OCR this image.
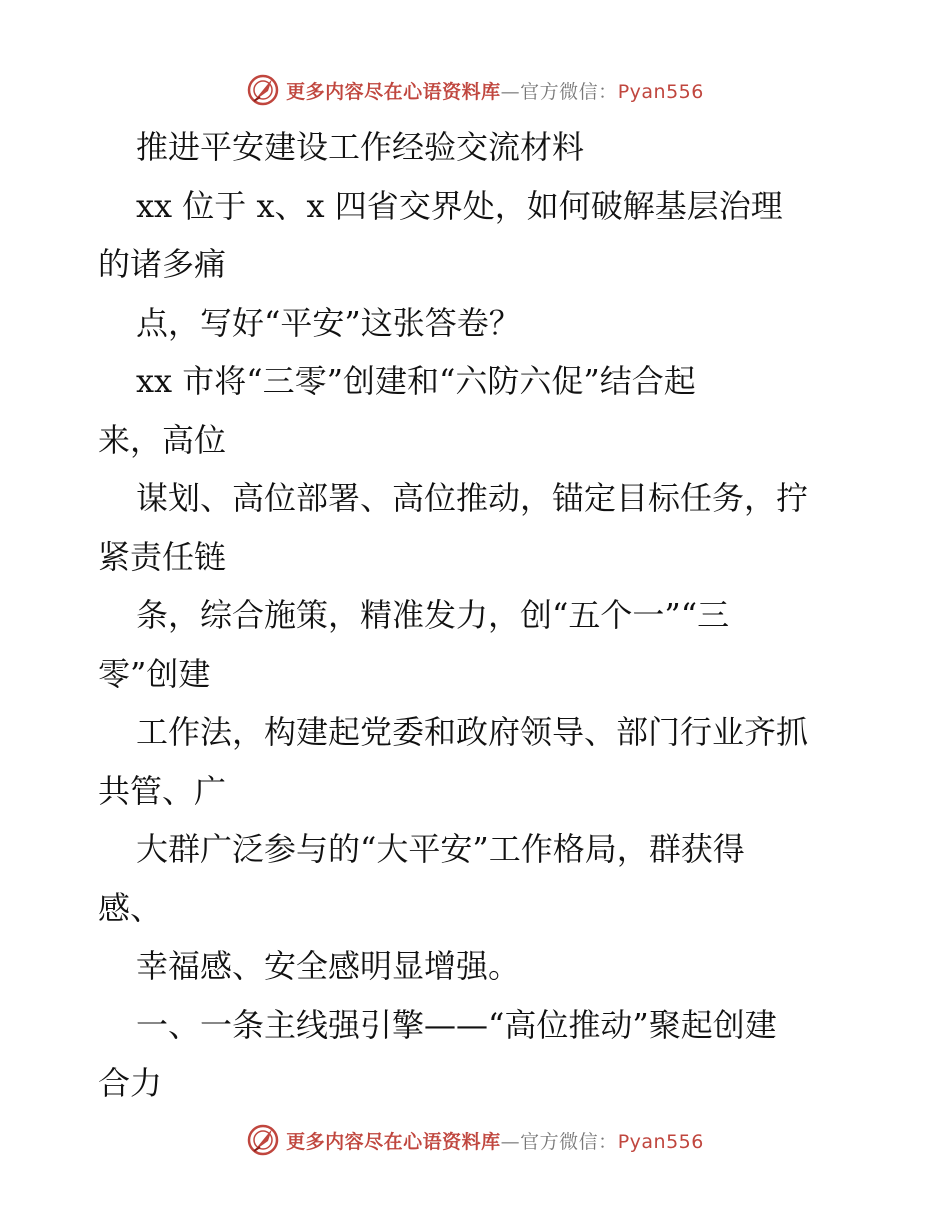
更多内容尽在心语资料库—官方微信：Pyan556
推进平安建设工作经验交流材料
xx 位于 x、x 四省交界处，如何破解基层治理
的诸多痛
点，写好“平安”这张答卷？
xx 市将“三零”创建和“六防六促”结合起
来，高位
谋划、高位部署、高位推动，锚定目标任务，拧
紧责任链
条，综合施策，精准发力，创“五个一”“三
零”创建
工作法，构建起党委和政府领导、部门行业齐抓
共管、广
大群广泛参与的“大平安”工作格局，群获得
感、
幸福感、安全感明显增强。
一、一条主线强引擎——“高位推动”聚起创建
合力
更多内容尽在心语资料库—官方微信：Pyan556
